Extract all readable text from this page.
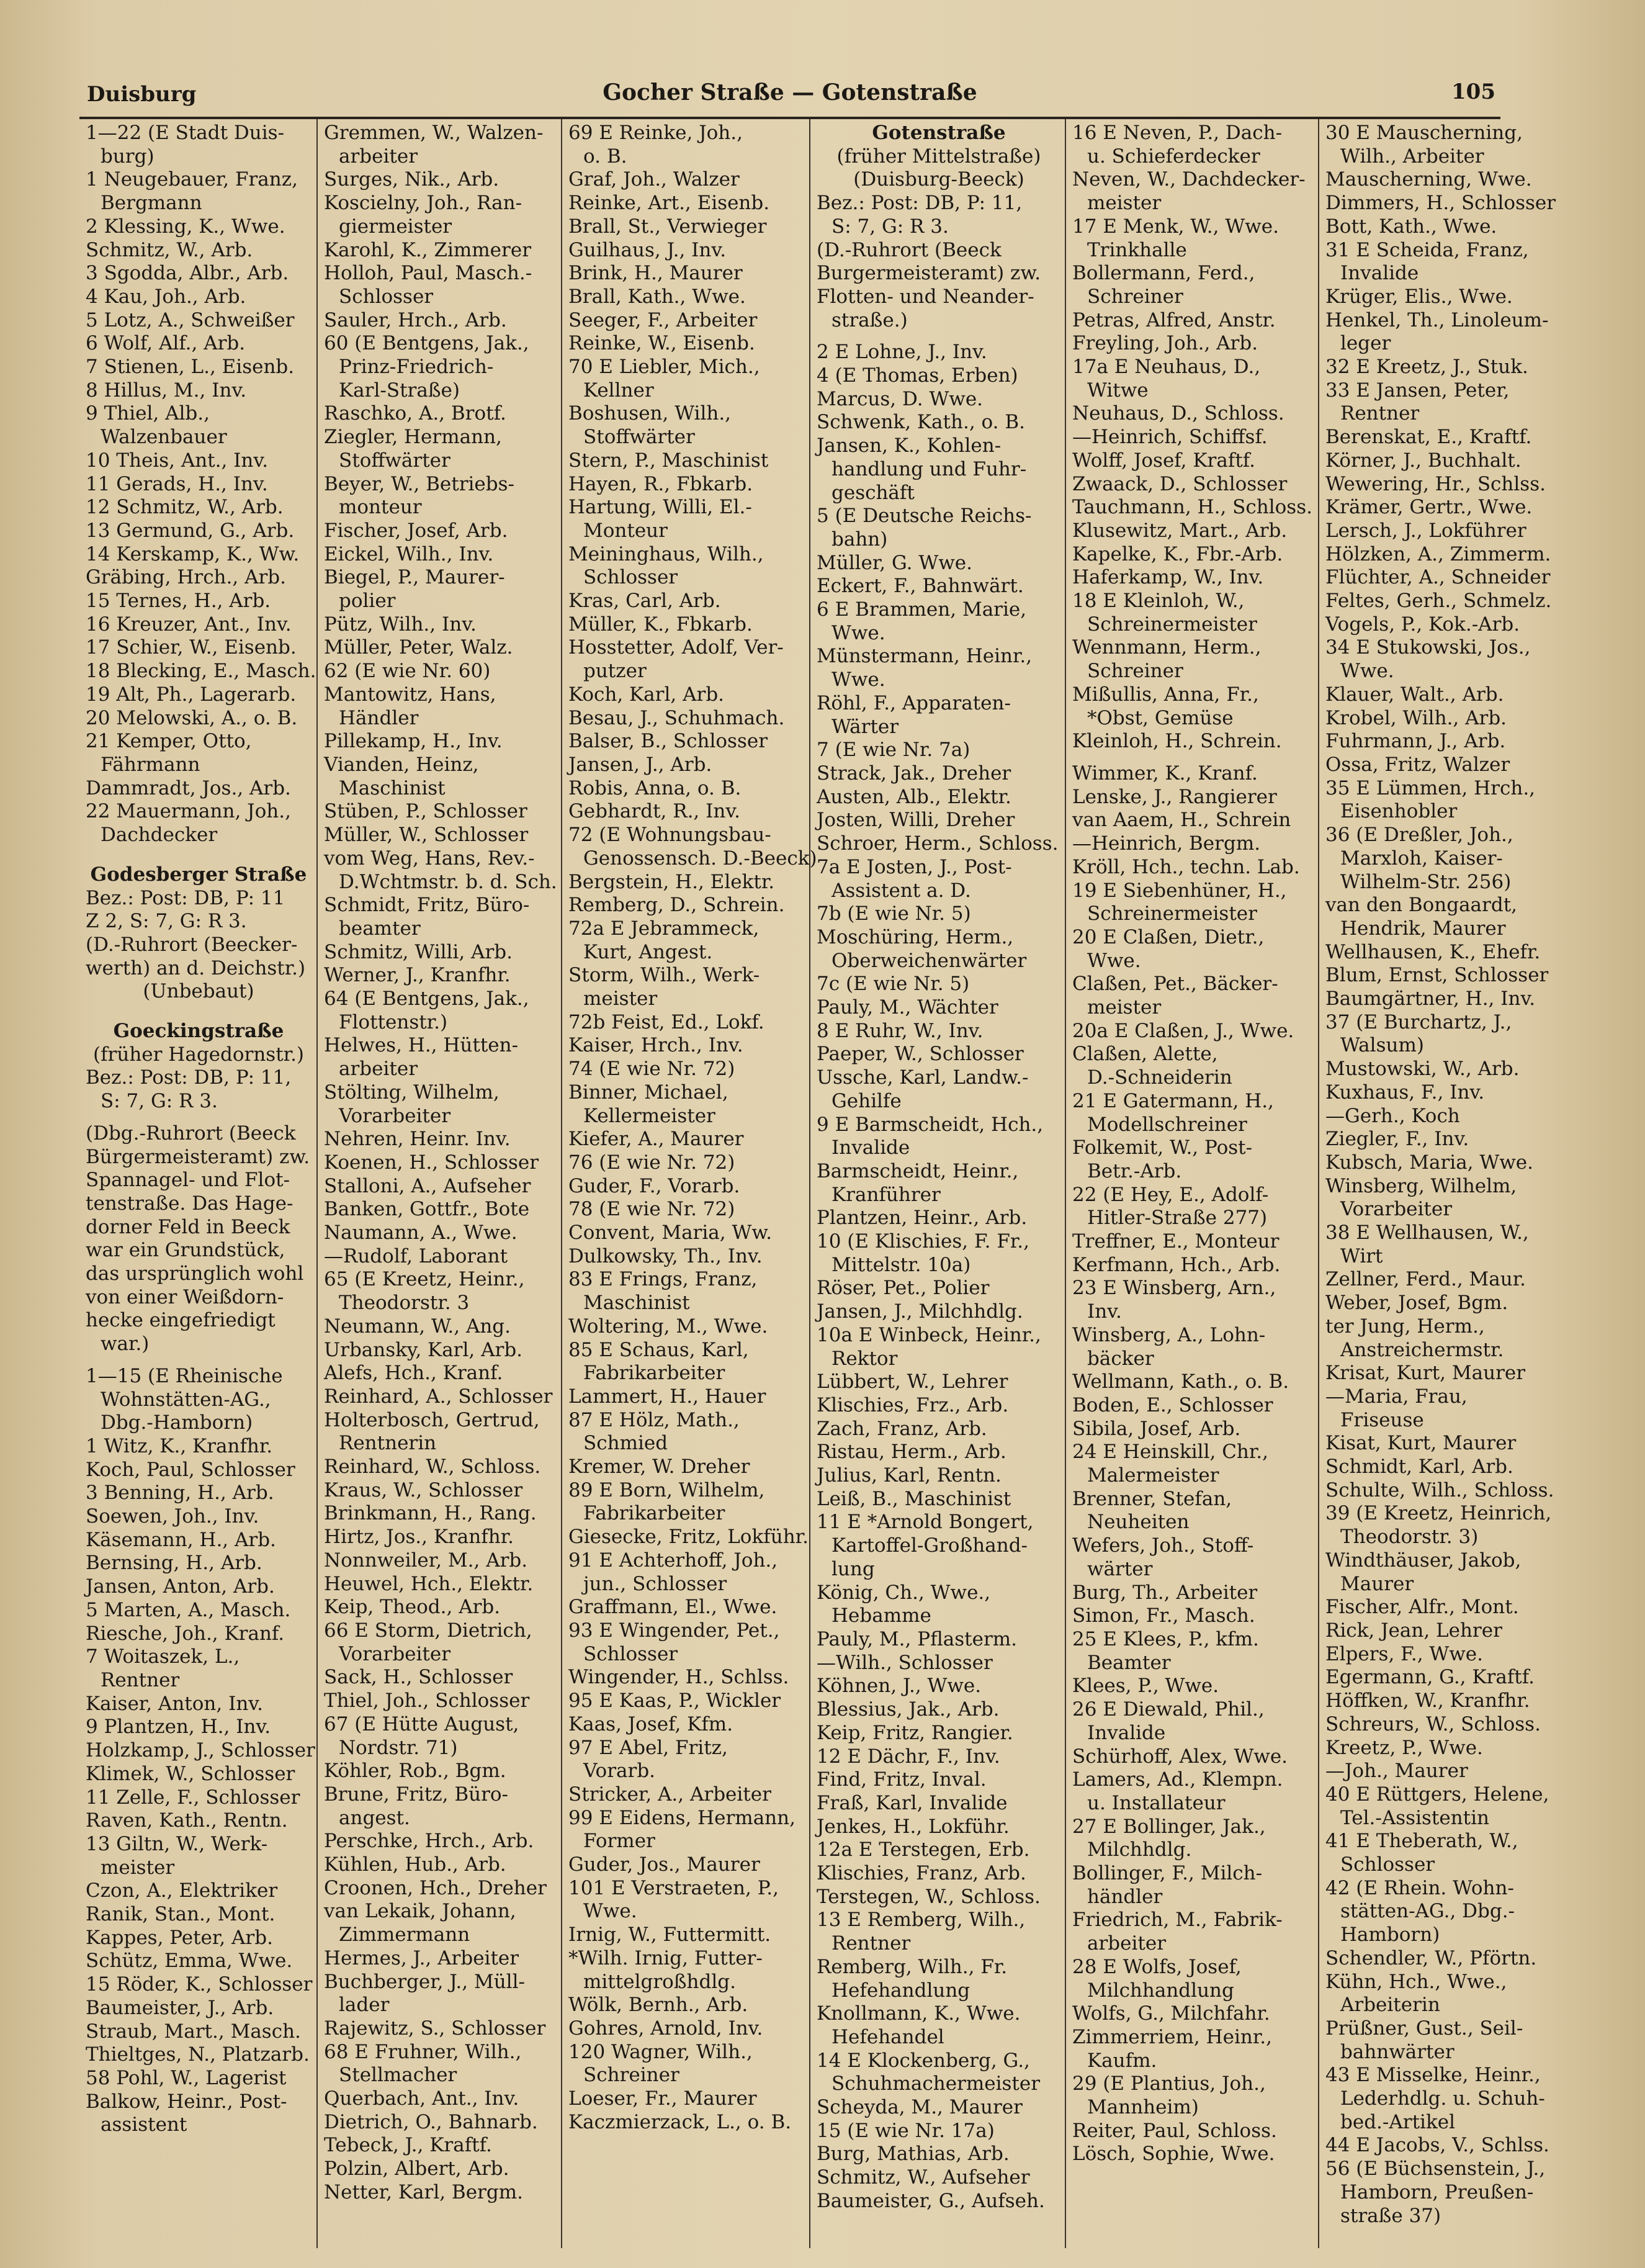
Duisburg	Gocher Straße — Gotenstraße	105
1—22 (E Stadt Duis-
burg)
1 Neugebauer, Franz,
Bergmann
2 Klessing, K., Wwe.
Schmitz, W., Arb.
3 Sgodda, Albr., Arb.
4 Kau, Joh., Arb.
5 Lotz, A., Schweißer
6 Wolf, Alf., Arb.
7 Stienen, L., Eisenb.
8 Hillus, M., Inv.
9 Thiel, Alb.,
Walzenbauer
10 Theis, Ant., Inv.
11 Gerads, H., Inv.
12 Schmitz, W., Arb.
13 Germund, G., Arb.
14 Kerskamp, K., Ww.
Gräbing, Hrch., Arb.
15 Ternes, H., Arb.
16 Kreuzer, Ant., Inv.
17 Schier, W., Eisenb.
18 Blecking, E., Masch.
19 Alt, Ph., Lagerarb.
20 Melowski, A., o. B.
21 Kemper, Otto,
Fährmann
Dammradt, Jos., Arb.
22 Mauermann, Joh.,
Dachdecker
Godesberger Straße
Bez.: Post: DB, P: 11
Z 2, S: 7, G: R 3.
(D.-Ruhrort (Beecker-
werth) an d. Deichstr.)
(Unbebaut)
Goeckingstraße
(früher Hagedornstr.)
Bez.: Post: DB, P: 11,
S: 7, G: R 3.
(Dbg.-Ruhrort (Beeck
Bürgermeisteramt) zw.
Spannagel- und Flot-
tenstraße. Das Hage-
dorner Feld in Beeck
war ein Grundstück,
das ursprünglich wohl
von einer Weißdorn-
hecke eingefriedigt
war.)
1—15 (E Rheinische
Wohnstätten-AG.,
Dbg.-Hamborn)
1 Witz, K., Kranfhr.
Koch, Paul, Schlosser
3 Benning, H., Arb.
Soewen, Joh., Inv.
Käsemann, H., Arb.
Bernsing, H., Arb.
Jansen, Anton, Arb.
5 Marten, A., Masch.
Riesche, Joh., Kranf.
7 Woitaszek, L.,
Rentner
Kaiser, Anton, Inv.
9 Plantzen, H., Inv.
Holzkamp, J., Schlosser
Klimek, W., Schlosser
11 Zelle, F., Schlosser
Raven, Kath., Rentn.
13 Giltn, W., Werk-
meister
Czon, A., Elektriker
Ranik, Stan., Mont.
Kappes, Peter, Arb.
Schütz, Emma, Wwe.
15 Röder, K., Schlosser
Baumeister, J., Arb.
Straub, Mart., Masch.
Thieltges, N., Platzarb.
58 Pohl, W., Lagerist
Balkow, Heinr., Post-
assistent
Gremmen, W., Walzen-
arbeiter
Surges, Nik., Arb.
Koscielny, Joh., Ran-
giermeister
Karohl, K., Zimmerer
Holloh, Paul, Masch.-
Schlosser
Sauler, Hrch., Arb.
60 (E Bentgens, Jak.,
Prinz-Friedrich-
Karl-Straße)
Raschko, A., Brotf.
Ziegler, Hermann,
Stoffwärter
Beyer, W., Betriebs-
monteur
Fischer, Josef, Arb.
Eickel, Wilh., Inv.
Biegel, P., Maurer-
polier
Pütz, Wilh., Inv.
Müller, Peter, Walz.
62 (E wie Nr. 60)
Mantowitz, Hans,
Händler
Pillekamp, H., Inv.
Vianden, Heinz,
Maschinist
Stüben, P., Schlosser
Müller, W., Schlosser
vom Weg, Hans, Rev.-
D.Wchtmstr. b. d. Sch.
Schmidt, Fritz, Büro-
beamter
Schmitz, Willi, Arb.
Werner, J., Kranfhr.
64 (E Bentgens, Jak.,
Flottenstr.)
Helwes, H., Hütten-
arbeiter
Stölting, Wilhelm,
Vorarbeiter
Nehren, Heinr. Inv.
Koenen, H., Schlosser
Stalloni, A., Aufseher
Banken, Gottfr., Bote
Naumann, A., Wwe.
—Rudolf, Laborant
65 (E Kreetz, Heinr.,
Theodorstr. 3
Neumann, W., Ang.
Urbansky, Karl, Arb.
Alefs, Hch., Kranf.
Reinhard, A., Schlosser
Holterbosch, Gertrud,
Rentnerin
Reinhard, W., Schloss.
Kraus, W., Schlosser
Brinkmann, H., Rang.
Hirtz, Jos., Kranfhr.
Nonnweiler, M., Arb.
Heuwel, Hch., Elektr.
Keip, Theod., Arb.
66 E Storm, Dietrich,
Vorarbeiter
Sack, H., Schlosser
Thiel, Joh., Schlosser
67 (E Hütte August,
Nordstr. 71)
Köhler, Rob., Bgm.
Brune, Fritz, Büro-
angest.
Perschke, Hrch., Arb.
Kühlen, Hub., Arb.
Croonen, Hch., Dreher
van Lekaik, Johann,
Zimmermann
Hermes, J., Arbeiter
Buchberger, J., Müll-
lader
Rajewitz, S., Schlosser
68 E Fruhner, Wilh.,
Stellmacher
Querbach, Ant., Inv.
Dietrich, O., Bahnarb.
Tebeck, J., Kraftf.
Polzin, Albert, Arb.
Netter, Karl, Bergm.
69 E Reinke, Joh.,
o. B.
Graf, Joh., Walzer
Reinke, Art., Eisenb.
Brall, St., Verwieger
Guilhaus, J., Inv.
Brink, H., Maurer
Brall, Kath., Wwe.
Seeger, F., Arbeiter
Reinke, W., Eisenb.
70 E Liebler, Mich.,
Kellner
Boshusen, Wilh.,
Stoffwärter
Stern, P., Maschinist
Hayen, R., Fbkarb.
Hartung, Willi, El.-
Monteur
Meininghaus, Wilh.,
Schlosser
Kras, Carl, Arb.
Müller, K., Fbkarb.
Hosstetter, Adolf, Ver-
putzer
Koch, Karl, Arb.
Besau, J., Schuhmach.
Balser, B., Schlosser
Jansen, J., Arb.
Robis, Anna, o. B.
Gebhardt, R., Inv.
72 (E Wohnungsbau-
Genossensch. D.-Beeck)
Bergstein, H., Elektr.
Remberg, D., Schrein.
72a E Jebrammeck,
Kurt, Angest.
Storm, Wilh., Werk-
meister
72b Feist, Ed., Lokf.
Kaiser, Hrch., Inv.
74 (E wie Nr. 72)
Binner, Michael,
Kellermeister
Kiefer, A., Maurer
76 (E wie Nr. 72)
Guder, F., Vorarb.
78 (E wie Nr. 72)
Convent, Maria, Ww.
Dulkowsky, Th., Inv.
83 E Frings, Franz,
Maschinist
Woltering, M., Wwe.
85 E Schaus, Karl,
Fabrikarbeiter
Lammert, H., Hauer
87 E Hölz, Math.,
Schmied
Kremer, W. Dreher
89 E Born, Wilhelm,
Fabrikarbeiter
Giesecke, Fritz, Lokführ.
91 E Achterhoff, Joh.,
jun., Schlosser
Graffmann, El., Wwe.
93 E Wingender, Pet.,
Schlosser
Wingender, H., Schlss.
95 E Kaas, P., Wickler
Kaas, Josef, Kfm.
97 E Abel, Fritz,
Vorarb.
Stricker, A., Arbeiter
99 E Eidens, Hermann,
Former
Guder, Jos., Maurer
101 E Verstraeten, P.,
Wwe.
Irnig, W., Futtermitt.
*Wilh. Irnig, Futter-
mittelgroßhdlg.
Wölk, Bernh., Arb.
Gohres, Arnold, Inv.
120 Wagner, Wilh.,
Schreiner
Loeser, Fr., Maurer
Kaczmierzack, L., o. B.
Gotenstraße
(früher Mittelstraße)
(Duisburg-Beeck)
Bez.: Post: DB, P: 11,
S: 7, G: R 3.
(D.-Ruhrort (Beeck
Burgermeisteramt) zw.
Flotten- und Neander-
straße.)
2 E Lohne, J., Inv.
4 (E Thomas, Erben)
Marcus, D. Wwe.
Schwenk, Kath., o. B.
Jansen, K., Kohlen-
handlung und Fuhr-
geschäft
5 (E Deutsche Reichs-
bahn)
Müller, G. Wwe.
Eckert, F., Bahnwärt.
6 E Brammen, Marie,
Wwe.
Münstermann, Heinr.,
Wwe.
Röhl, F., Apparaten-
Wärter
7 (E wie Nr. 7a)
Strack, Jak., Dreher
Austen, Alb., Elektr.
Josten, Willi, Dreher
Schroer, Herm., Schloss.
7a E Josten, J., Post-
Assistent a. D.
7b (E wie Nr. 5)
Moschüring, Herm.,
Oberweichenwärter
7c (E wie Nr. 5)
Pauly, M., Wächter
8 E Ruhr, W., Inv.
Paeper, W., Schlosser
Ussche, Karl, Landw.-
Gehilfe
9 E Barmscheidt, Hch.,
Invalide
Barmscheidt, Heinr.,
Kranführer
Plantzen, Heinr., Arb.
10 (E Klischies, F. Fr.,
Mittelstr. 10a)
Röser, Pet., Polier
Jansen, J., Milchhdlg.
10a E Winbeck, Heinr.,
Rektor
Lübbert, W., Lehrer
Klischies, Frz., Arb.
Zach, Franz, Arb.
Ristau, Herm., Arb.
Julius, Karl, Rentn.
Leiß, B., Maschinist
11 E *Arnold Bongert,
Kartoffel-Großhand-
lung
König, Ch., Wwe.,
Hebamme
Pauly, M., Pflasterm.
—Wilh., Schlosser
Köhnen, J., Wwe.
Blessius, Jak., Arb.
Keip, Fritz, Rangier.
12 E Dächr, F., Inv.
Find, Fritz, Inval.
Fraß, Karl, Invalide
Jenkes, H., Lokführ.
12a E Terstegen, Erb.
Klischies, Franz, Arb.
Terstegen, W., Schloss.
13 E Remberg, Wilh.,
Rentner
Remberg, Wilh., Fr.
Hefehandlung
Knollmann, K., Wwe.
Hefehandel
14 E Klockenberg, G.,
Schuhmachermeister
Scheyda, M., Maurer
15 (E wie Nr. 17a)
Burg, Mathias, Arb.
Schmitz, W., Aufseher
Baumeister, G., Aufseh.
16 E Neven, P., Dach-
u. Schieferdecker
Neven, W., Dachdecker-
meister
17 E Menk, W., Wwe.
Trinkhalle
Bollermann, Ferd.,
Schreiner
Petras, Alfred, Anstr.
Freyling, Joh., Arb.
17a E Neuhaus, D.,
Witwe
Neuhaus, D., Schloss.
—Heinrich, Schiffsf.
Wolff, Josef, Kraftf.
Zwaack, D., Schlosser
Tauchmann, H., Schloss.
Klusewitz, Mart., Arb.
Kapelke, K., Fbr.-Arb.
Haferkamp, W., Inv.
18 E Kleinloh, W.,
Schreinermeister
Wennmann, Herm.,
Schreiner
Mißullis, Anna, Fr.,
*Obst, Gemüse
Kleinloh, H., Schrein.
Wimmer, K., Kranf.
Lenske, J., Rangierer
van Aaem, H., Schrein
—Heinrich, Bergm.
Kröll, Hch., techn. Lab.
19 E Siebenhüner, H.,
Schreinermeister
20 E Claßen, Dietr.,
Wwe.
Claßen, Pet., Bäcker-
meister
20a E Claßen, J., Wwe.
Claßen, Alette,
D.-Schneiderin
21 E Gatermann, H.,
Modellschreiner
Folkemit, W., Post-
Betr.-Arb.
22 (E Hey, E., Adolf-
Hitler-Straße 277)
Treffner, E., Monteur
Kerfmann, Hch., Arb.
23 E Winsberg, Arn.,
Inv.
Winsberg, A., Lohn-
bäcker
Wellmann, Kath., o. B.
Boden, E., Schlosser
Sibila, Josef, Arb.
24 E Heinskill, Chr.,
Malermeister
Brenner, Stefan,
Neuheiten
Wefers, Joh., Stoff-
wärter
Burg, Th., Arbeiter
Simon, Fr., Masch.
25 E Klees, P., kfm.
Beamter
Klees, P., Wwe.
26 E Diewald, Phil.,
Invalide
Schürhoff, Alex, Wwe.
Lamers, Ad., Klempn.
u. Installateur
27 E Bollinger, Jak.,
Milchhdlg.
Bollinger, F., Milch-
händler
Friedrich, M., Fabrik-
arbeiter
28 E Wolfs, Josef,
Milchhandlung
Wolfs, G., Milchfahr.
Zimmerriem, Heinr.,
Kaufm.
29 (E Plantius, Joh.,
Mannheim)
Reiter, Paul, Schloss.
Lösch, Sophie, Wwe.
30 E Mauscherning,
Wilh., Arbeiter
Mauscherning, Wwe.
Dimmers, H., Schlosser
Bott, Kath., Wwe.
31 E Scheida, Franz,
Invalide
Krüger, Elis., Wwe.
Henkel, Th., Linoleum-
leger
32 E Kreetz, J., Stuk.
33 E Jansen, Peter,
Rentner
Berenskat, E., Kraftf.
Körner, J., Buchhalt.
Wewering, Hr., Schlss.
Krämer, Gertr., Wwe.
Lersch, J., Lokführer
Hölzken, A., Zimmerm.
Flüchter, A., Schneider
Feltes, Gerh., Schmelz.
Vogels, P., Kok.-Arb.
34 E Stukowski, Jos.,
Wwe.
Klauer, Walt., Arb.
Krobel, Wilh., Arb.
Fuhrmann, J., Arb.
Ossa, Fritz, Walzer
35 E Lümmen, Hrch.,
Eisenhobler
36 (E Dreßler, Joh.,
Marxloh, Kaiser-
Wilhelm-Str. 256)
van den Bongaardt,
Hendrik, Maurer
Wellhausen, K., Ehefr.
Blum, Ernst, Schlosser
Baumgärtner, H., Inv.
37 (E Burchartz, J.,
Walsum)
Mustowski, W., Arb.
Kuxhaus, F., Inv.
—Gerh., Koch
Ziegler, F., Inv.
Kubsch, Maria, Wwe.
Winsberg, Wilhelm,
Vorarbeiter
38 E Wellhausen, W.,
Wirt
Zellner, Ferd., Maur.
Weber, Josef, Bgm.
ter Jung, Herm.,
Anstreichermstr.
Krisat, Kurt, Maurer
—Maria, Frau,
Friseuse
Kisat, Kurt, Maurer
Schmidt, Karl, Arb.
Schulte, Wilh., Schloss.
39 (E Kreetz, Heinrich,
Theodorstr. 3)
Windthäuser, Jakob,
Maurer
Fischer, Alfr., Mont.
Rick, Jean, Lehrer
Elpers, F., Wwe.
Egermann, G., Kraftf.
Höffken, W., Kranfhr.
Schreurs, W., Schloss.
Kreetz, P., Wwe.
—Joh., Maurer
40 E Rüttgers, Helene,
Tel.-Assistentin
41 E Theberath, W.,
Schlosser
42 (E Rhein. Wohn-
stätten-AG., Dbg.-
Hamborn)
Schendler, W., Pförtn.
Kühn, Hch., Wwe.,
Arbeiterin
Prüßner, Gust., Seil-
bahnwärter
43 E Misselke, Heinr.,
Lederhdlg. u. Schuh-
bed.-Artikel
44 E Jacobs, V., Schlss.
56 (E Büchsenstein, J.,
Hamborn, Preußen-
straße 37)
